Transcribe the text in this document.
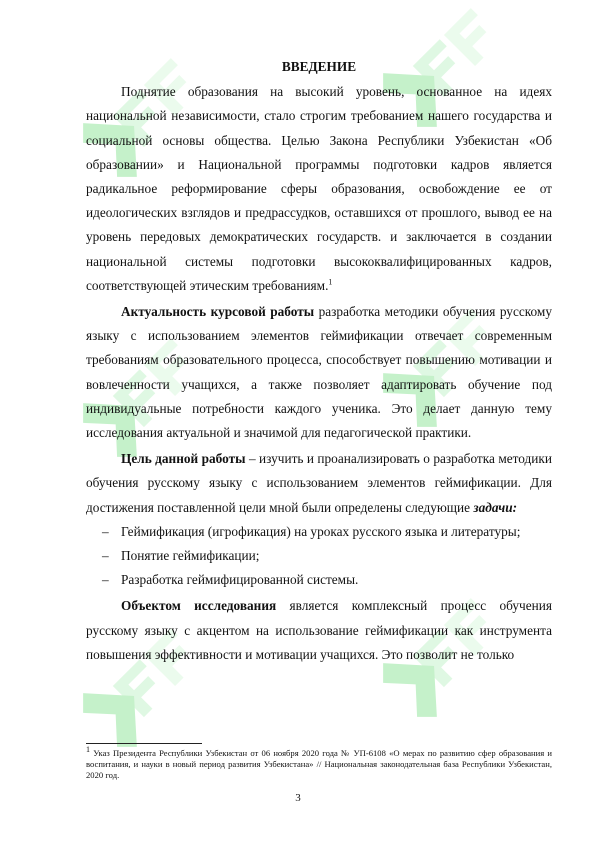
ВВЕДЕНИЕ

Поднятие образования на высокий уровень, основанное на идеях национальной независимости, стало строгим требованием нашего государства и социальной основы общества. Целью Закона Республики Узбекистан «Об образовании» и Национальной программы подготовки кадров является радикальное реформирование сферы образования, освобождение ее от идеологических взглядов и предрассудков, оставшихся от прошлого, вывод ее на уровень передовых демократических государств. и заключается в создании национальной системы подготовки высококвалифицированных кадров, соответствующей этическим требованиям.$^1$

Актуальность курсовой работы разработка методики обучения русскому языку с использованием элементов геймификации отвечает современным требованиям образовательного процесса, способствует повышению мотивации и вовлеченности учащихся, а также позволяет адаптировать обучение под индивидуальные потребности каждого ученика. Это делает данную тему исследования актуальной и значимой для педагогической практики.

Цель данной работы – изучить и проанализировать о разработка методики обучения русскому языку с использованием элементов геймификации. Для достижения поставленной цели мной были определены следующие задачи:

– Геймификация (игрофикация) на уроках русского языка и литературы;
– Понятие геймификации;
– Разработка геймифицированной системы.

Объектом исследования является комплексный процесс обучения русскому языку с акцентом на использование геймификации как инструмента повышения эффективности и мотивации учащихся. Это позволит не только

$^1$ Указ Президента Республики Узбекистан от 06 ноября 2020 года № УП-6108 «О мерах по развитию сфер образования и воспитания, и науки в новый период развития Узбекистана» // Национальная законодательная база Республики Узбекистан, 2020 год.
3
